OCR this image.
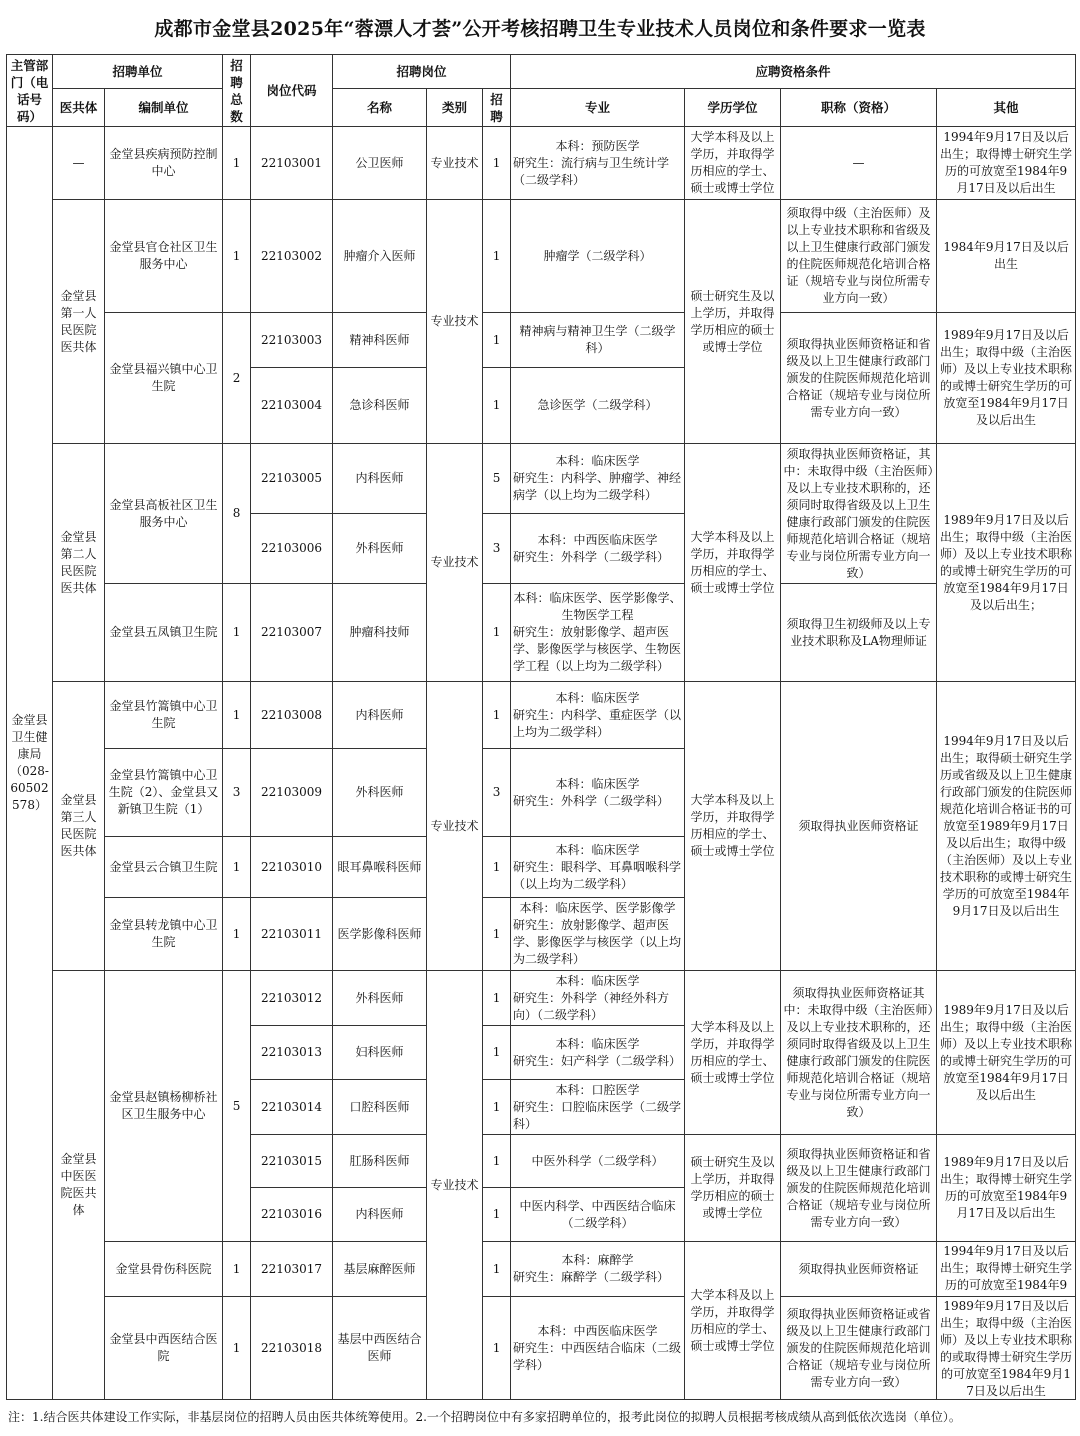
成都市金堂县2025年“蓉漂人才荟”公开考核招聘卫生专业技术人员岗位和条件要求一览表
主管部门（电话号码）	招聘单位		招聘总数	岗位代码	招聘岗位			应聘资格条件			
	医共体	编制单位			名称	类别	招聘	专业	学历学位	职称（资格）	其他
金堂县卫生健康局（028-60502578）	—	金堂县疾病预防控制中心	1	22103001	公卫医师	专业技术	1	本科：预防医学
研究生：流行病与卫生统计学（二级学科）	大学本科及以上学历，并取得学历相应的学士、硕士或博士学位	—	1994年9月17日及以后出生；取得博士研究生学历的可放宽至1984年9月17日及以后出生
	金堂县第一人民医院医共体	金堂县官仓社区卫生服务中心	1	22103002	肿瘤介入医师	专业技术	1	肿瘤学（二级学科）	硕士研究生及以上学历，并取得学历相应的硕士或博士学位	须取得中级（主治医师）及以上专业技术职称和省级及以上卫生健康行政部门颁发的住院医师规范化培训合格证（规培专业与岗位所需专业方向一致）	1984年9月17日及以后出生
		金堂县福兴镇中心卫生院	2	22103003	精神科医师		1	精神病与精神卫生学（二级学科）		须取得执业医师资格证和省级及以上卫生健康行政部门颁发的住院医师规范化培训合格证（规培专业与岗位所需专业方向一致）	1989年9月17日及以后出生；取得中级（主治医师）及以上专业技术职称的或博士研究生学历的可放宽至1984年9月17日及以后出生
				22103004	急诊科医师		1	急诊医学（二级学科）			

	金堂县第二人民医院医共体	金堂县高板社区卫生服务中心	8	22103005	内科医师	专业技术	5	本科：临床医学
研究生：内科学、肿瘤学、神经病学（以上均为二级学科）	大学本科及以上学历，并取得学历相应的学士、硕士或博士学位	须取得执业医师资格证，其中：未取得中级（主治医师）及以上专业技术职称的，还须同时取得省级及以上卫生健康行政部门颁发的住院医师规范化培训合格证（规培专业与岗位所需专业方向一致）	1989年9月17日及以后出生；取得中级（主治医师）及以上专业技术职称的或博士研究生学历的可放宽至1984年9月17日及以后出生；
				22103006	外科医师		3	本科：中西医临床医学
研究生：外科学（二级学科）			

		金堂县五凤镇卫生院	1	22103007	肿瘤科技师		1	本科：临床医学、医学影像学、生物医学工程
研究生：放射影像学、超声医学、影像医学与核医学、生物医学工程（以上均为二级学科）		须取得卫生初级师及以上专业技术职称及LA物理师证	
	金堂县第三人民医院医共体	金堂县竹篙镇中心卫生院	1	22103008	内科医师	专业技术	1	本科：临床医学
研究生：内科学、重症医学（以上均为二级学科）	大学本科及以上学历，并取得学历相应的学士、硕士或博士学位	须取得执业医师资格证	1994年9月17日及以后出生；取得硕士研究生学历或省级及以上卫生健康行政部门颁发的住院医师规范化培训合格证书的可放宽至1989年9月17日及以后出生；取得中级（主治医师）及以上专业技术职称的或博士研究生学历的可放宽至1984年9月17日及以后出生
		金堂县竹篙镇中心卫生院（2）、金堂县又新镇卫生院（1）	3	22103009	外科医师		3	本科：临床医学
研究生：外科学（二级学科）			

		金堂县云合镇卫生院	1	22103010	眼耳鼻喉科医师		1	本科：临床医学
研究生：眼科学、耳鼻咽喉科学（以上均为二级学科）			

		金堂县转龙镇中心卫生院	1	22103011	医学影像科医师		1	本科：临床医学、医学影像学
研究生：放射影像学、超声医学、影像医学与核医学（以上均为二级学科）			

	金堂县中医医院医共体	金堂县赵镇杨柳桥社区卫生服务中心	5	22103012	外科医师	专业技术	1	本科：临床医学
研究生：外科学（神经外科方向）（二级学科）	大学本科及以上学历，并取得学历相应的学士、硕士或博士学位	须取得执业医师资格证其中：未取得中级（主治医师）及以上专业技术职称的，还须同时取得省级及以上卫生健康行政部门颁发的住院医师规范化培训合格证（规培专业与岗位所需专业方向一致）	1989年9月17日及以后出生；取得中级（主治医师）及以上专业技术职称的或博士研究生学历的可放宽至1984年9月17日及以后出生
				22103013	妇科医师		1	本科：临床医学
研究生：妇产科学（二级学科）			

				22103014	口腔科医师		1	本科：口腔医学
研究生：口腔临床医学（二级学科）			

				22103015	肛肠科医师		1	中医外科学（二级学科）	硕士研究生及以上学历，并取得学历相应的硕士或博士学位	须取得执业医师资格证和省级及以上卫生健康行政部门颁发的住院医师规范化培训合格证（规培专业与岗位所需专业方向一致）	1989年9月17日及以后出生；取得博士研究生学历的可放宽至1984年9月17日及以后出生
				22103016	内科医师		1	中医内科学、中西医结合临床（二级学科）			

		金堂县骨伤科医院	1	22103017	基层麻醉医师		1	本科：麻醉学
研究生：麻醉学（二级学科）	大学本科及以上学历，并取得学历相应的学士、硕士或博士学位	须取得执业医师资格证	1994年9月17日及以后出生；取得博士研究生学历的可放宽至1984年9

		金堂县中西医结合医院	1	22103018	基层中西医结合医师		1	本科：中西医临床医学
研究生：中西医结合临床（二级学科）		须取得执业医师资格证或省级及以上卫生健康行政部门颁发的住院医师规范化培训合格证（规培专业与岗位所需专业方向一致）	1989年9月17日及以后出生；取得中级（主治医师）及以上专业技术职称的或取得博士研究生学历的可放宽至1984年9月17日及以后出生
注：1.结合医共体建设工作实际，非基层岗位的招聘人员由医共体统筹使用。2.一个招聘岗位中有多家招聘单位的，报考此岗位的拟聘人员根据考核成绩从高到低依次选岗（单位）。
